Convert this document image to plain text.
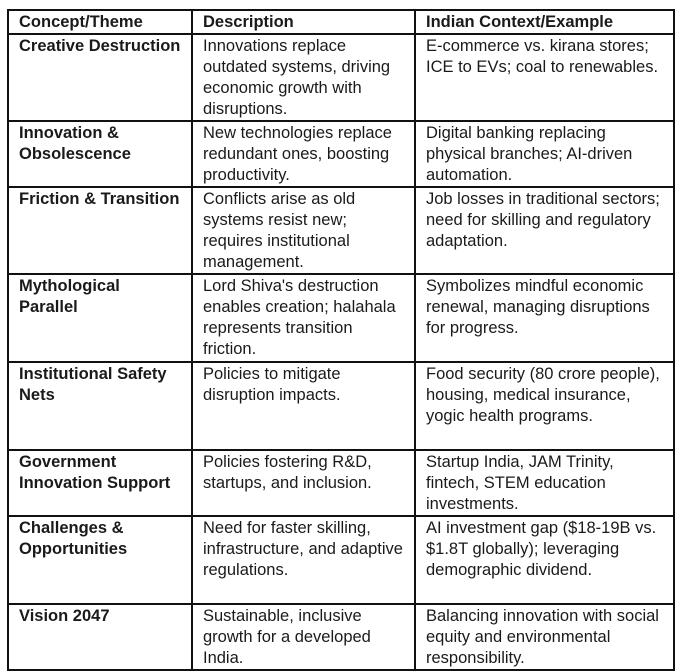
Concept/Theme	Description	Indian Context/Example
Creative Destruction	Innovations replace outdated systems, driving economic growth with disruptions.	E-commerce vs. kirana stores; ICE to EVs; coal to renewables.
Innovation & Obsolescence	New technologies replace redundant ones, boosting productivity.	Digital banking replacing physical branches; AI-driven automation.
Friction & Transition	Conflicts arise as old systems resist new; requires institutional management.	Job losses in traditional sectors; need for skilling and regulatory adaptation.
Mythological Parallel	Lord Shiva's destruction enables creation; halahala represents transition friction.	Symbolizes mindful economic renewal, managing disruptions for progress.
Institutional Safety Nets	Policies to mitigate disruption impacts.	Food security (80 crore people), housing, medical insurance, yogic health programs.
Government Innovation Support	Policies fostering R&D, startups, and inclusion.	Startup India, JAM Trinity, fintech, STEM education investments.
Challenges & Opportunities	Need for faster skilling, infrastructure, and adaptive regulations.	AI investment gap ($18-19B vs. $1.8T globally); leveraging demographic dividend.
Vision 2047	Sustainable, inclusive growth for a developed India.	Balancing innovation with social equity and environmental responsibility.
